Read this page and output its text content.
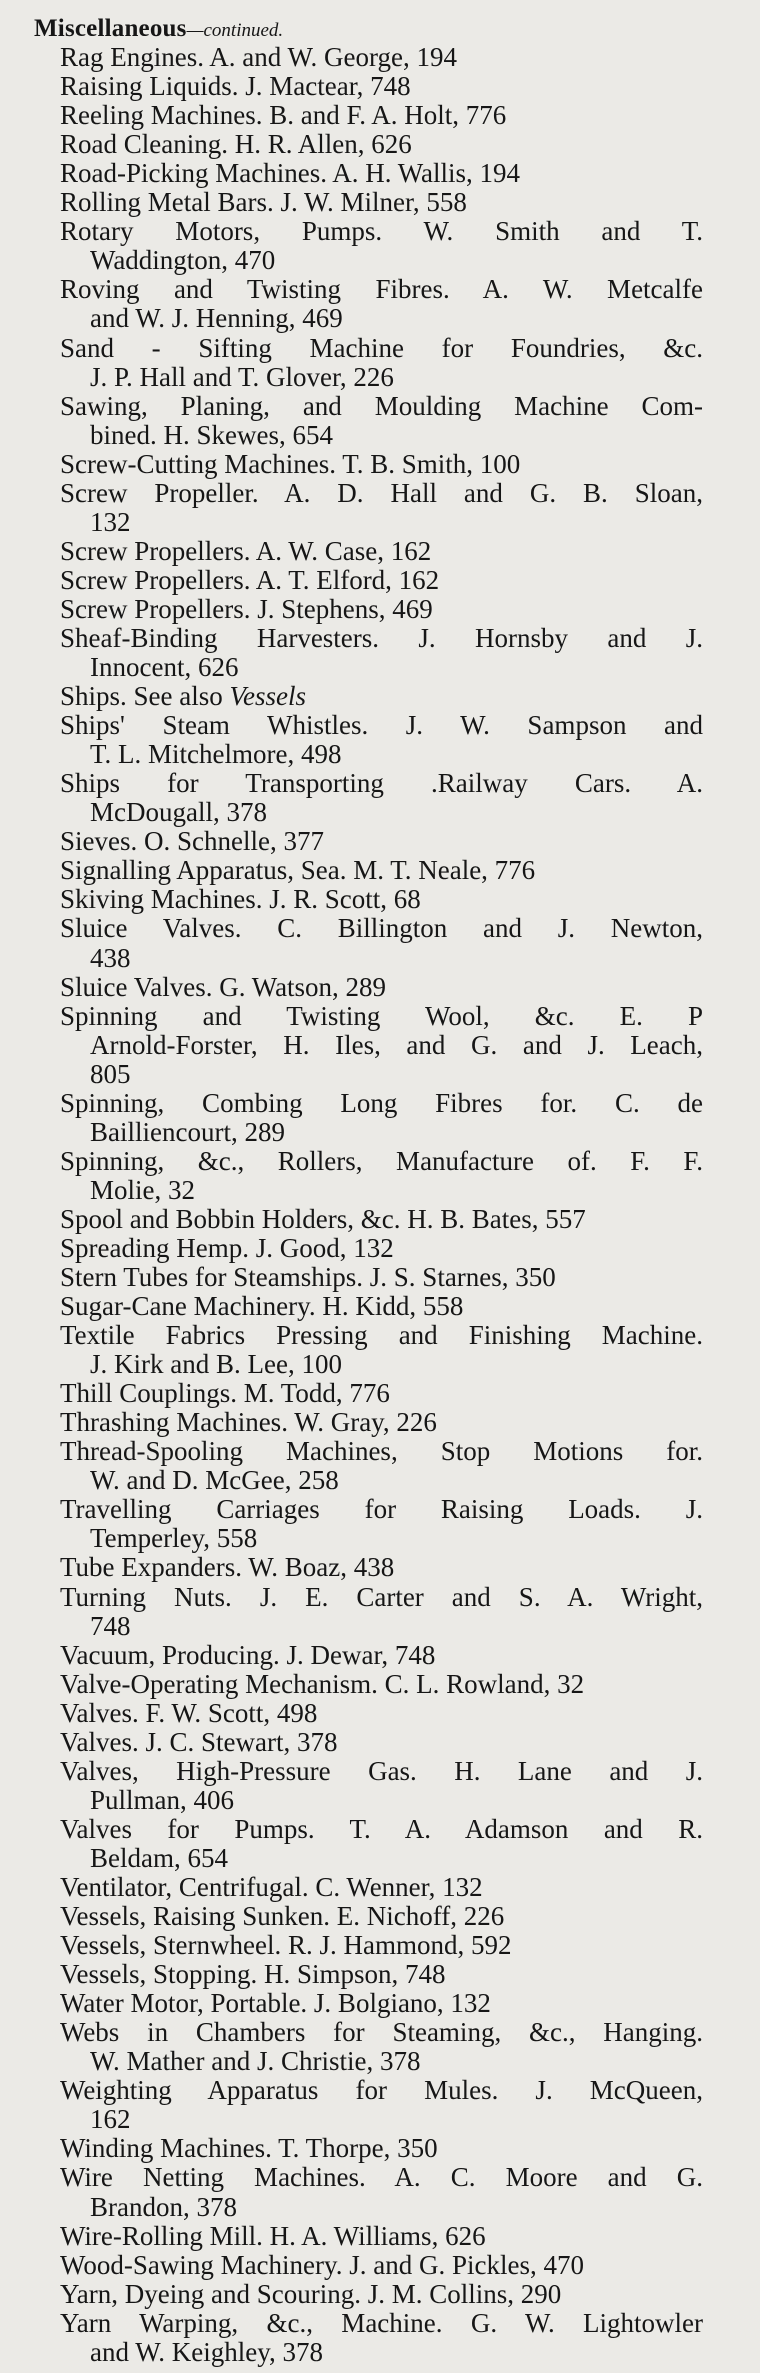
Miscellaneous—continued.
Rag Engines. A. and W. George, 194
Raising Liquids. J. Mactear, 748
Reeling Machines. B. and F. A. Holt, 776
Road Cleaning. H. R. Allen, 626
Road-Picking Machines. A. H. Wallis, 194
Rolling Metal Bars. J. W. Milner, 558
Rotary Motors, Pumps. W. Smith and T.
Waddington, 470
Roving and Twisting Fibres. A. W. Metcalfe
and W. J. Henning, 469
Sand - Sifting Machine for Foundries, &c.
J. P. Hall and T. Glover, 226
Sawing, Planing, and Moulding Machine Com-
bined. H. Skewes, 654
Screw-Cutting Machines. T. B. Smith, 100
Screw Propeller. A. D. Hall and G. B. Sloan,
132
Screw Propellers. A. W. Case, 162
Screw Propellers. A. T. Elford, 162
Screw Propellers. J. Stephens, 469
Sheaf-Binding Harvesters. J. Hornsby and J.
Innocent, 626
Ships. See also Vessels
Ships' Steam Whistles. J. W. Sampson and
T. L. Mitchelmore, 498
Ships for Transporting .Railway Cars. A.
McDougall, 378
Sieves. O. Schnelle, 377
Signalling Apparatus, Sea. M. T. Neale, 776
Skiving Machines. J. R. Scott, 68
Sluice Valves. C. Billington and J. Newton,
438
Sluice Valves. G. Watson, 289
Spinning and Twisting Wool, &c. E. P
Arnold-Forster, H. Iles, and G. and J. Leach,
805
Spinning, Combing Long Fibres for. C. de
Bailliencourt, 289
Spinning, &c., Rollers, Manufacture of. F. F.
Molie, 32
Spool and Bobbin Holders, &c. H. B. Bates, 557
Spreading Hemp. J. Good, 132
Stern Tubes for Steamships. J. S. Starnes, 350
Sugar-Cane Machinery. H. Kidd, 558
Textile Fabrics Pressing and Finishing Machine.
J. Kirk and B. Lee, 100
Thill Couplings. M. Todd, 776
Thrashing Machines. W. Gray, 226
Thread-Spooling Machines, Stop Motions for.
W. and D. McGee, 258
Travelling Carriages for Raising Loads. J.
Temperley, 558
Tube Expanders. W. Boaz, 438
Turning Nuts. J. E. Carter and S. A. Wright,
748
Vacuum, Producing. J. Dewar, 748
Valve-Operating Mechanism. C. L. Rowland, 32
Valves. F. W. Scott, 498
Valves. J. C. Stewart, 378
Valves, High-Pressure Gas. H. Lane and J.
Pullman, 406
Valves for Pumps. T. A. Adamson and R.
Beldam, 654
Ventilator, Centrifugal. C. Wenner, 132
Vessels, Raising Sunken. E. Nichoff, 226
Vessels, Sternwheel. R. J. Hammond, 592
Vessels, Stopping. H. Simpson, 748
Water Motor, Portable. J. Bolgiano, 132
Webs in Chambers for Steaming, &c., Hanging.
W. Mather and J. Christie, 378
Weighting Apparatus for Mules. J. McQueen,
162
Winding Machines. T. Thorpe, 350
Wire Netting Machines. A. C. Moore and G.
Brandon, 378
Wire-Rolling Mill. H. A. Williams, 626
Wood-Sawing Machinery. J. and G. Pickles, 470
Yarn, Dyeing and Scouring. J. M. Collins, 290
Yarn Warping, &c., Machine. G. W. Lightowler
and W. Keighley, 378
